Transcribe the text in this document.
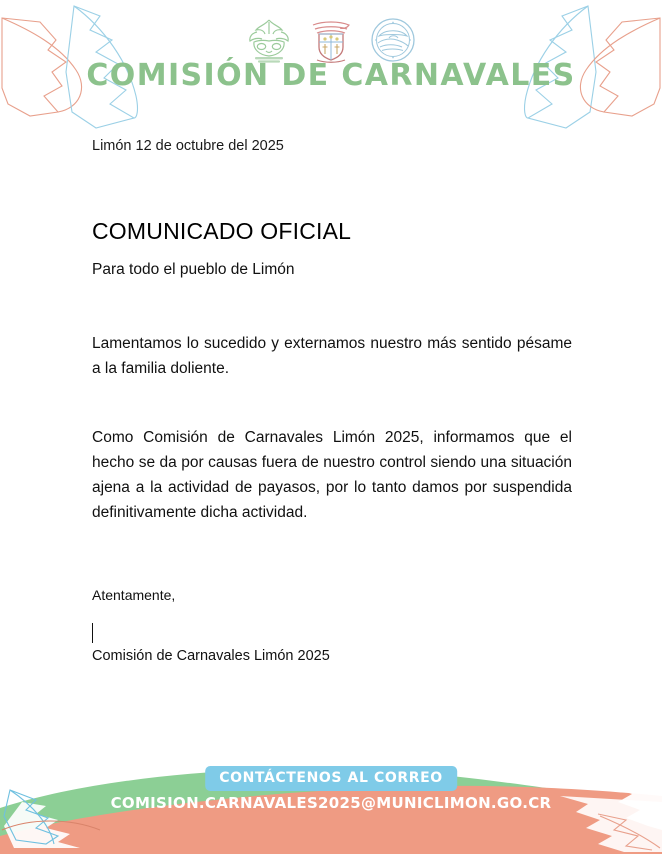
COMISIÓN DE CARNAVALES
Limón 12 de octubre del 2025
COMUNICADO OFICIAL
Para todo el pueblo de Limón
Lamentamos lo sucedido y externamos nuestro más sentido pésame a la familia doliente.
Como Comisión de Carnavales Limón 2025, informamos que el hecho se da por causas fuera de nuestro control siendo una situación ajena a la actividad de payasos, por lo tanto damos por suspendida definitivamente dicha actividad.
Atentamente,
Comisión de Carnavales Limón 2025
CONTÁCTENOS AL CORREO
COMISION.CARNAVALES2025@MUNICLIMON.GO.CR
